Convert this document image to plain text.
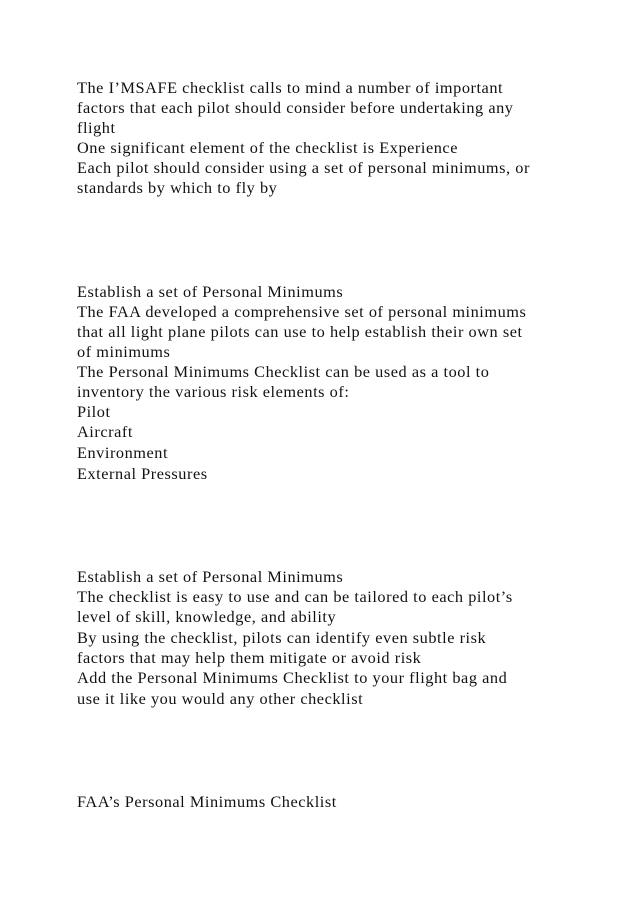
The I’MSAFE checklist calls to mind a number of important
factors that each pilot should consider before undertaking any
flight
One significant element of the checklist is Experience
Each pilot should consider using a set of personal minimums, or
standards by which to fly by
Establish a set of Personal Minimums
The FAA developed a comprehensive set of personal minimums
that all light plane pilots can use to help establish their own set
of minimums
The Personal Minimums Checklist can be used as a tool to
inventory the various risk elements of:
Pilot
Aircraft
Environment
External Pressures
Establish a set of Personal Minimums
The checklist is easy to use and can be tailored to each pilot’s
level of skill, knowledge, and ability
By using the checklist, pilots can identify even subtle risk
factors that may help them mitigate or avoid risk
Add the Personal Minimums Checklist to your flight bag and
use it like you would any other checklist
FAA’s Personal Minimums Checklist
